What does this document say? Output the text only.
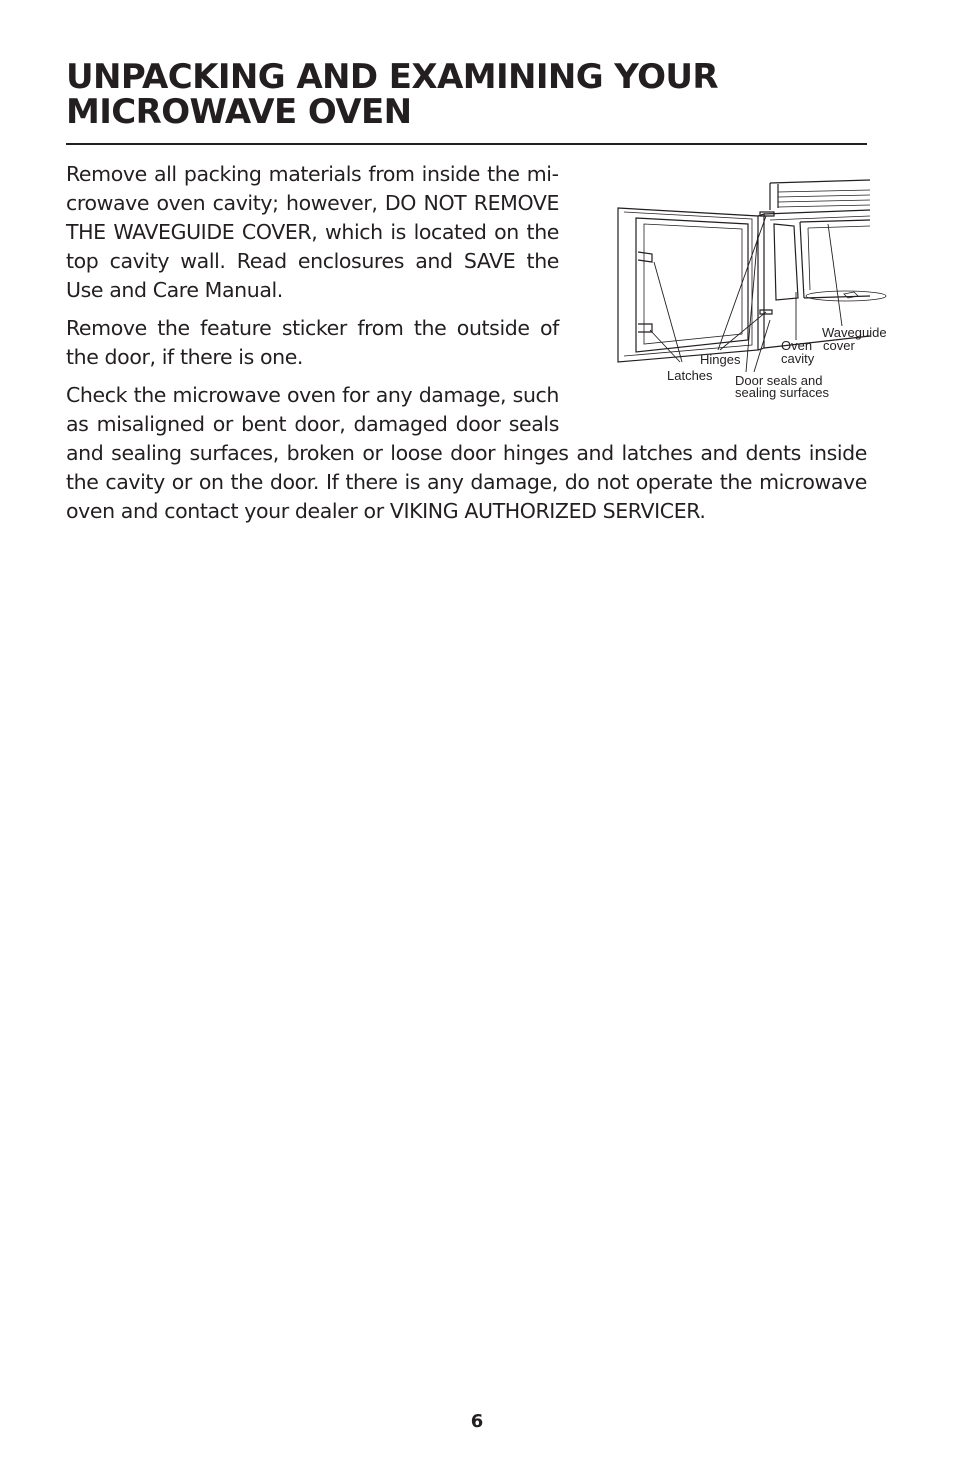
UNPACKING AND EXAMINING YOUR MICROWAVE OVEN

Remove all packing materials from inside the microwave oven cavity; however, DO NOT REMOVE THE WAVEGUIDE COVER, which is located on the top cavity wall. Read enclosures and SAVE the Use and Care Manual.

Remove the feature sticker from the outside of the door, if there is one.

Check the microwave oven for any damage, such as misaligned or bent door, damaged door seals and sealing surfaces, broken or loose door hinges and latches and dents inside the cavity or on the door. If there is any damage, do not operate the microwave oven and contact your dealer or VIKING AUTHORIZED SERVICER.

Waveguide
cover
Oven
cavity
Hinges
Latches Door seals and
sealing surfaces
6
